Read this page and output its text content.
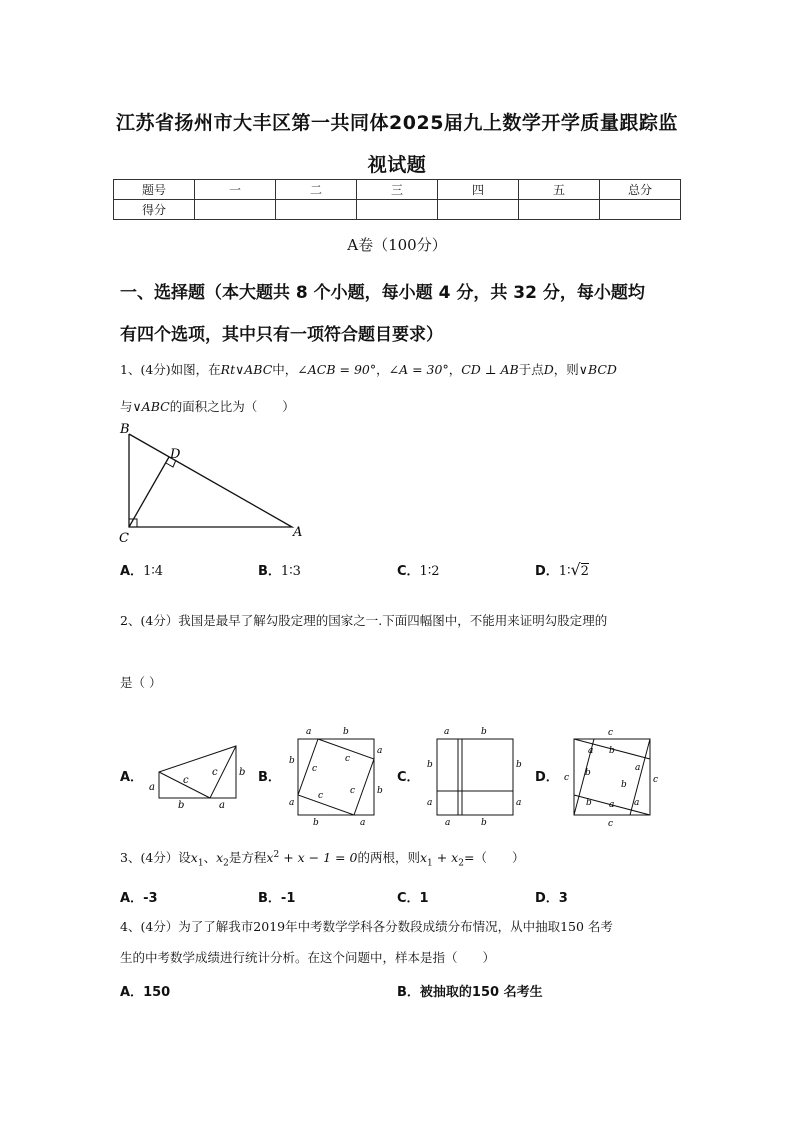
江苏省扬州市大丰区第一共同体2025届九上数学开学质量跟踪监
视试题
题号	一	二	三	四	五	总分
得分						
A卷（100分）
一、选择题（本大题共 8 个小题，每小题 4 分，共 32 分，每小题均
有四个选项，其中只有一项符合题目要求）
1、(4分)如图，在Rt∨ABC中，∠ACB = 90°，∠A = 30°，CD ⊥ AB于点D，则∨BCD
与∨ABC的面积之比为（　　）
B
D
C	A
A．1∶4	B．1∶3	C．1∶2	D．1∶√2
2、(4分）我国是最早了解勾股定理的国家之一.下面四幅图中，不能用来证明勾股定理的
是（ ）
A．
a
b	a
b
c
c	B．
a	b
b
a
a
b
b	a
c
c
c
c
C．
a	b
b
a
b
a
a	b
D．
c
c	c
c
a b
a
b
b a a
b
3、(4分）设$x_1$、$x_2$是方程$x^2 + x - 1 = 0$的两根，则$x_1 + x_2=$（　　）
A．-3	B．-1	C．1	D．3
4、(4分）为了了解我市2019年中考数学学科各分数段成绩分布情况，从中抽取150 名考
生的中考数学成绩进行统计分析。在这个问题中，样本是指（　　）
A．150	B．被抽取的150 名考生
